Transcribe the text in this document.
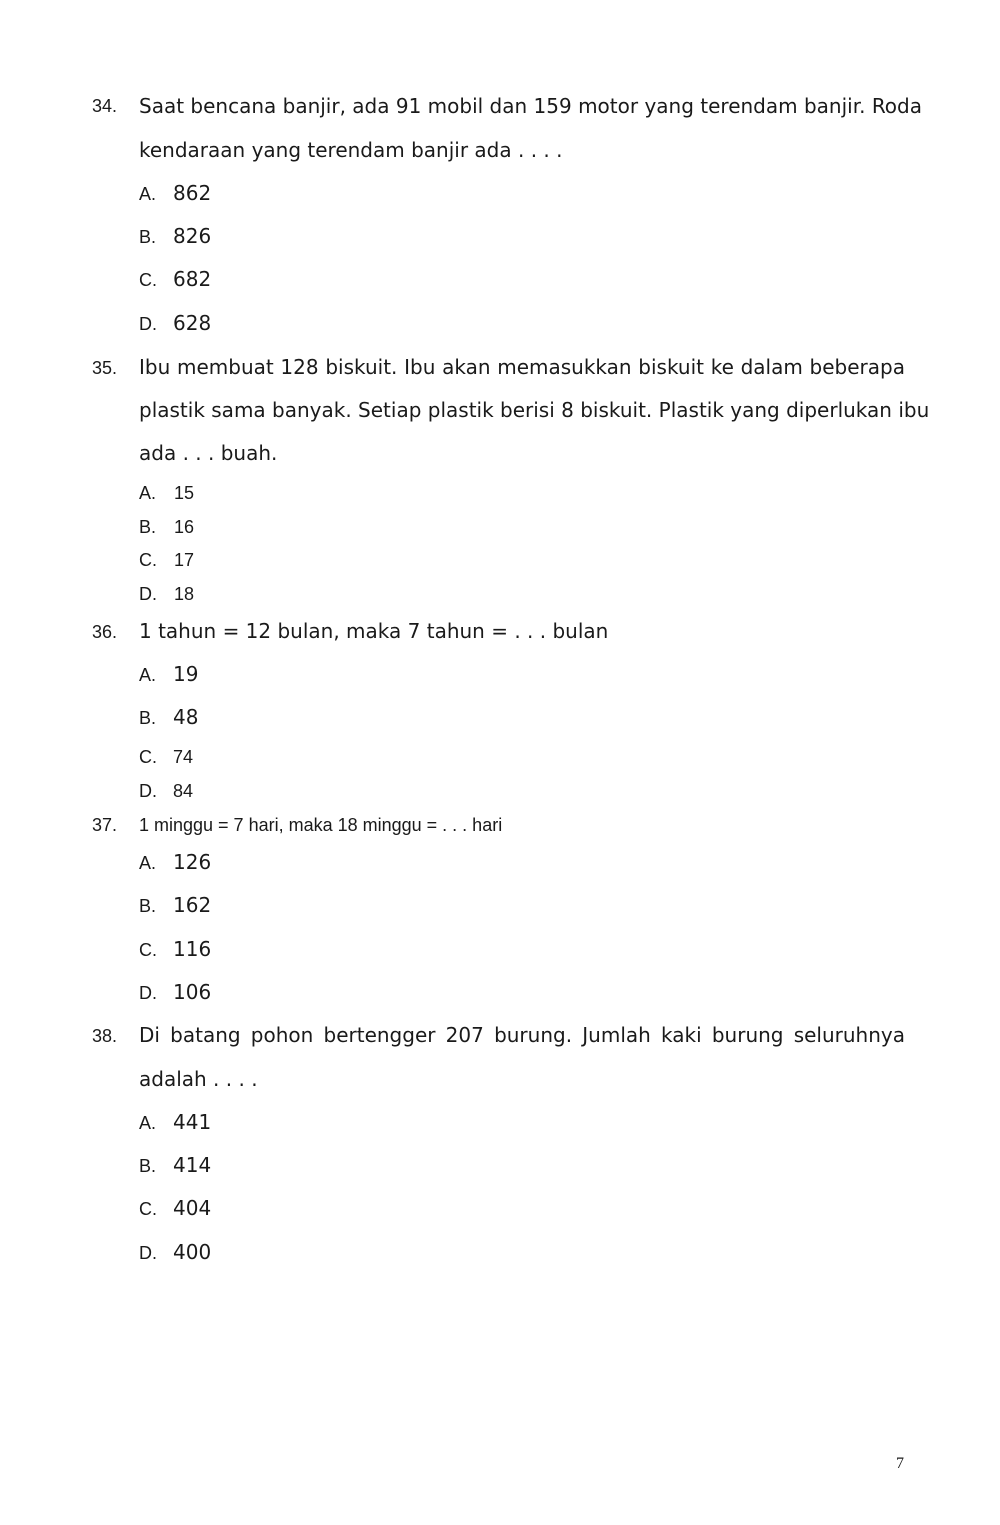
34. Saat bencana banjir, ada 91 mobil dan 159 motor yang terendam banjir. Roda
kendaraan yang terendam banjir ada . . . .
A. 862
B. 826
C. 682
D. 628
35. Ibu membuat 128 biskuit. Ibu akan memasukkan biskuit ke dalam beberapa
plastik sama banyak. Setiap plastik berisi 8 biskuit. Plastik yang diperlukan ibu
ada . . . buah.
A. 15
B. 16
C. 17
D. 18
36. 1 tahun = 12 bulan, maka 7 tahun = . . . bulan
A. 19
B. 48
C. 74
D. 84
37. 1 minggu = 7 hari, maka 18 minggu = . . . hari
A. 126
B. 162
C. 116
D. 106
38. Di batang pohon bertengger 207 burung. Jumlah kaki burung seluruhnya
adalah . . . .
A. 441
B. 414
C. 404
D. 400
7
